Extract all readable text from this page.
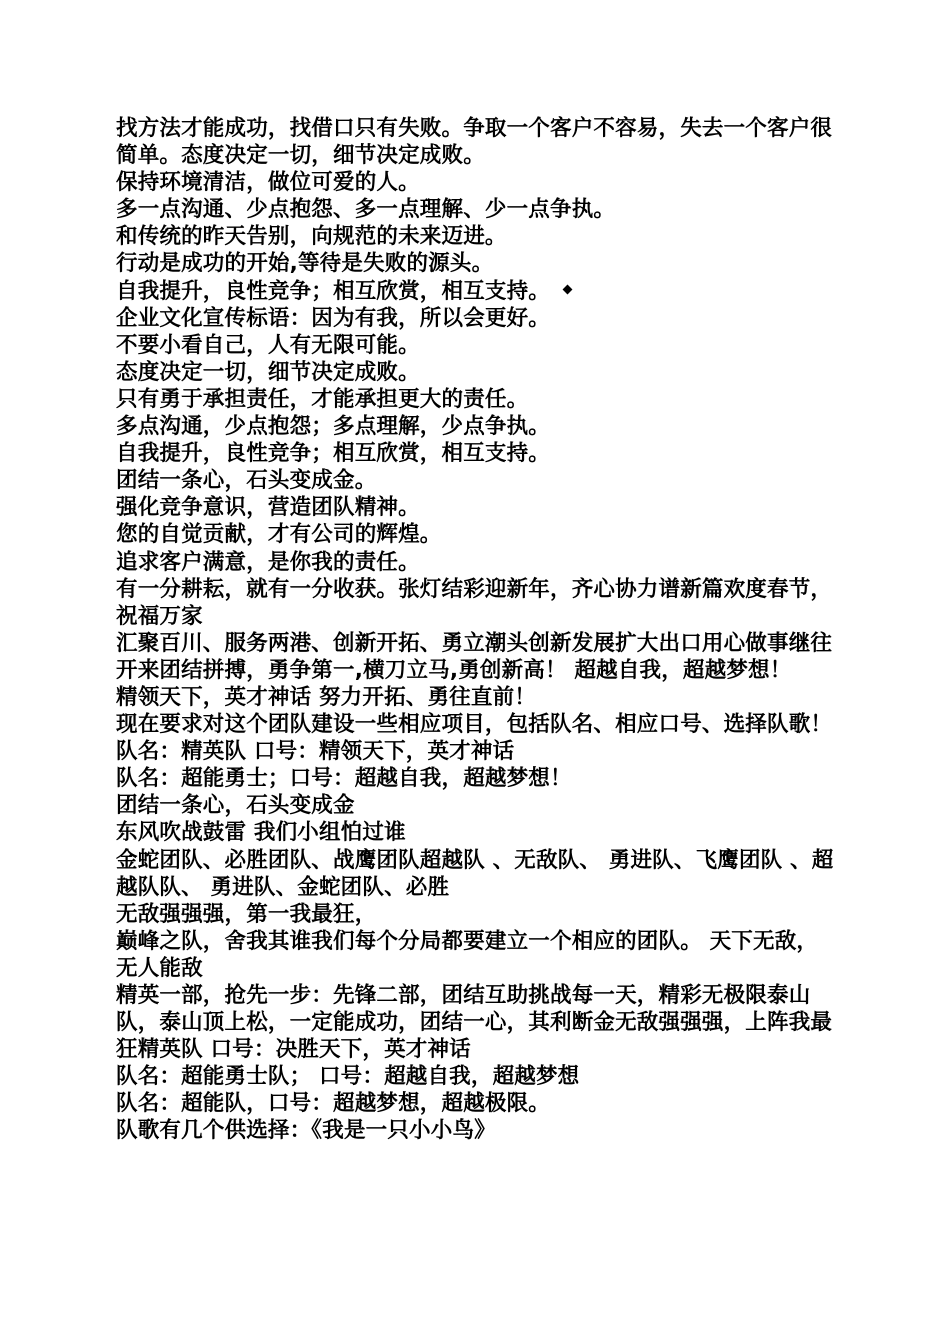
找方法才能成功，找借口只有失败。争取一个客户不容易，失去一个客户很简单。态度决定一切，细节决定成败。

保持环境清洁，做位可爱的人。

多一点沟通、少点抱怨、多一点理解、少一点争执。

和传统的昨天告别，向规范的未来迈进。

行动是成功的开始,等待是失败的源头。

自我提升，良性竞争；相互欣赏，相互支持。

企业文化宣传标语：因为有我，所以会更好。

不要小看自己，人有无限可能。

态度决定一切，细节决定成败。

只有勇于承担责任，才能承担更大的责任。

多点沟通，少点抱怨；多点理解，少点争执。

自我提升，良性竞争；相互欣赏，相互支持。

团结一条心，石头变成金。

强化竞争意识，营造团队精神。

您的自觉贡献，才有公司的辉煌。

追求客户满意，是你我的责任。

有一分耕耘，就有一分收获。张灯结彩迎新年，齐心协力谱新篇欢度春节，祝福万家

汇聚百川、服务两港、创新开拓、勇立潮头创新发展扩大出口用心做事继往开来团结拼搏，勇争第一,横刀立马,勇创新高！ 超越自我，超越梦想！

精领天下，英才神话 努力开拓、勇往直前！

现在要求对这个团队建设一些相应项目，包括队名、相应口号、选择队歌！

队名：精英队 口号：精领天下，英才神话

队名：超能勇士；口号：超越自我，超越梦想！

团结一条心，石头变成金

东风吹战鼓雷 我们小组怕过谁

金蛇团队、必胜团队、战鹰团队超越队 、无敌队、 勇进队、飞鹰团队 、超越队队、 勇进队、金蛇团队、必胜

无敌强强强，第一我最狂，

巅峰之队，舍我其谁我们每个分局都要建立一个相应的团队。 天下无敌，无人能敌

精英一部，抢先一步：先锋二部，团结互助挑战每一天，精彩无极限泰山队，泰山顶上松，一定能成功，团结一心，其利断金无敌强强强，上阵我最狂精英队 口号：决胜天下，英才神话

队名：超能勇士队； 口号：超越自我，超越梦想

队名：超能队，口号：超越梦想，超越极限。

队歌有几个供选择：《我是一只小小鸟》
